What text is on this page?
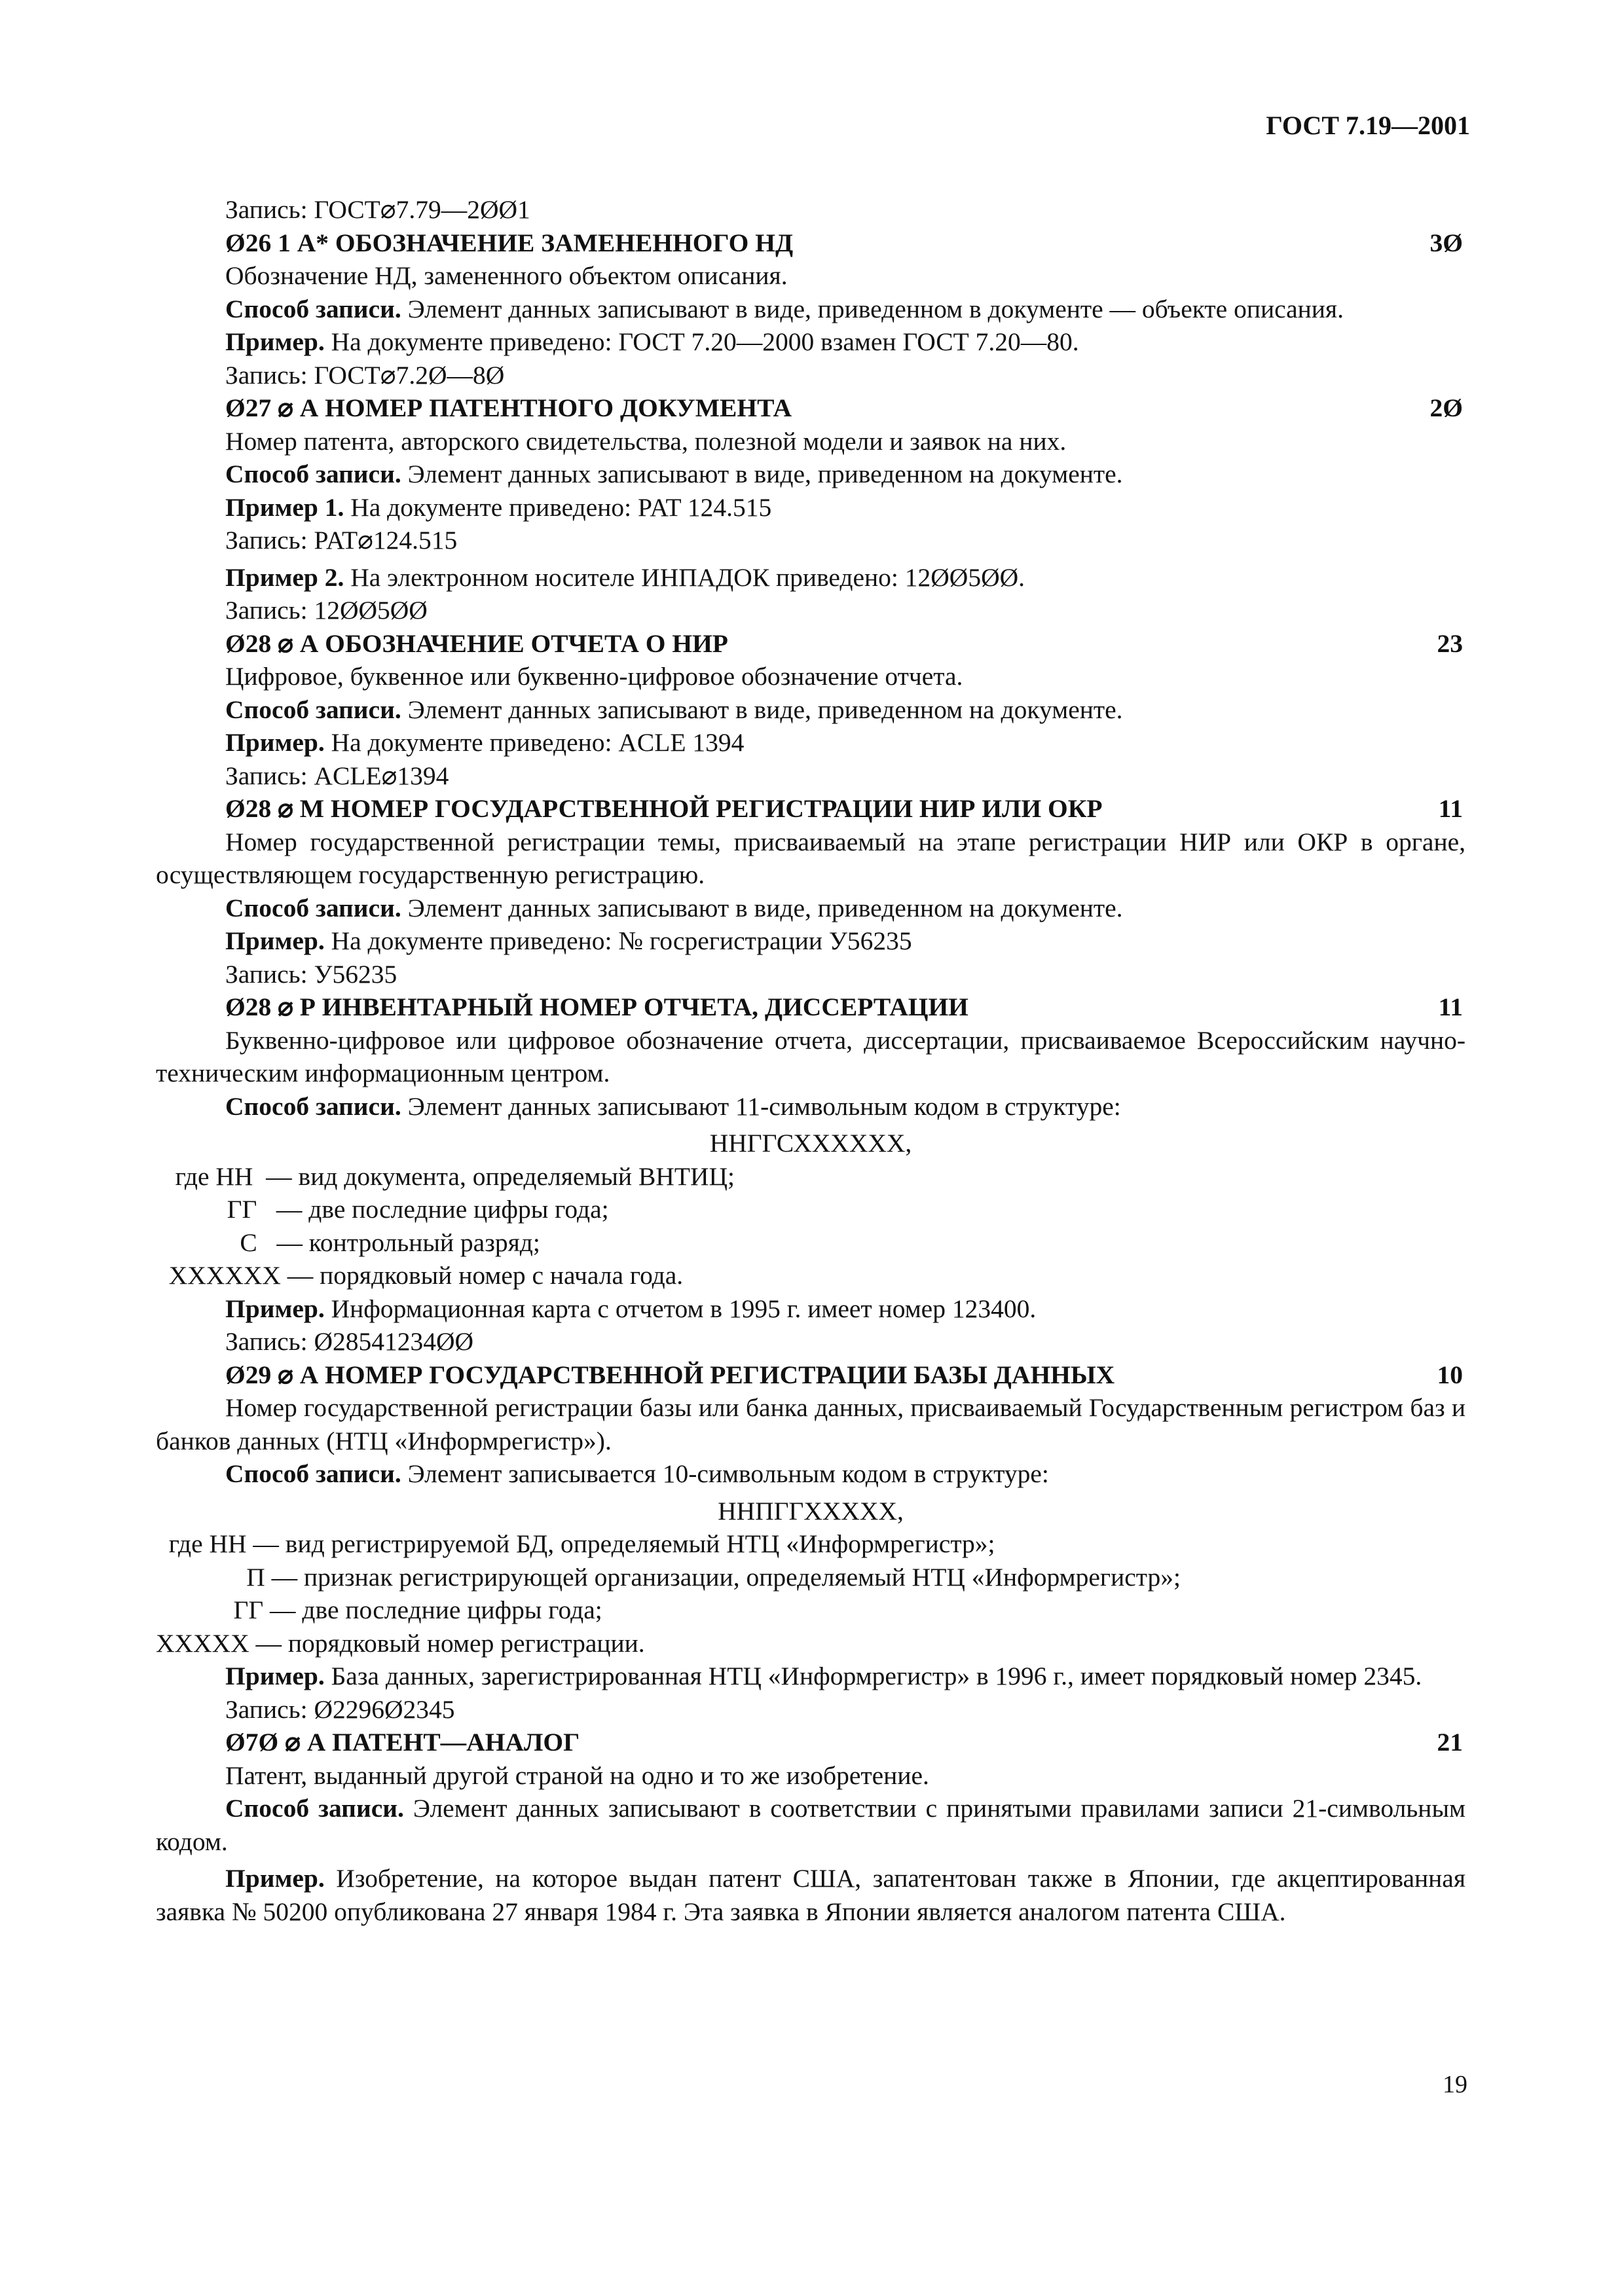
ГОСТ 7.19—2001

Запись: ГОСТ⌀7.79—2ØØ1

Ø26 1 А* ОБОЗНАЧЕНИЕ ЗАМЕНЕННОГО НД	3Ø

Обозначение НД, замененного объектом описания.

Способ записи. Элемент данных записывают в виде, приведенном в документе — объекте описания.

Пример. На документе приведено: ГОСТ 7.20—2000 взамен ГОСТ 7.20—80.

Запись: ГОСТ⌀7.2Ø—8Ø

Ø27 ⌀ А НОМЕР ПАТЕНТНОГО ДОКУМЕНТА	2Ø

Номер патента, авторского свидетельства, полезной модели и заявок на них.

Способ записи. Элемент данных записывают в виде, приведенном на документе.

Пример 1. На документе приведено: PAT 124.515

Запись: PAT⌀124.515

Пример 2. На электронном носителе ИНПАДОК приведено: 12ØØ5ØØ.

Запись: 12ØØ5ØØ

Ø28 ⌀ А ОБОЗНАЧЕНИЕ ОТЧЕТА О НИР	23

Цифровое, буквенное или буквенно-цифровое обозначение отчета.

Способ записи. Элемент данных записывают в виде, приведенном на документе.

Пример. На документе приведено: ACLE 1394

Запись: ACLE⌀1394

Ø28 ⌀ М НОМЕР ГОСУДАРСТВЕННОЙ РЕГИСТРАЦИИ НИР ИЛИ ОКР	11

Номер государственной регистрации темы, присваиваемый на этапе регистрации НИР или ОКР в органе, осуществляющем государственную регистрацию.

Способ записи. Элемент данных записывают в виде, приведенном на документе.

Пример. На документе приведено: № госрегистрации У56235

Запись: У56235

Ø28 ⌀ Р ИНВЕНТАРНЫЙ НОМЕР ОТЧЕТА, ДИССЕРТАЦИИ	11

Буквенно-цифровое или цифровое обозначение отчета, диссертации, присваиваемое Всероссийским научно-техническим информационным центром.

Способ записи. Элемент данных записывают 11-символьным кодом в структуре:

ННГГСХХХХХХ,

где НН  — вид документа, определяемый ВНТИЦ;

ГГ   — две последние цифры года;

С   — контрольный разряд;

ХХХХХХ — порядковый номер с начала года.

Пример. Информационная карта с отчетом в 1995 г. имеет номер 123400.

Запись: Ø28541234ØØ

Ø29 ⌀ А НОМЕР ГОСУДАРСТВЕННОЙ РЕГИСТРАЦИИ БАЗЫ ДАННЫХ	10

Номер государственной регистрации базы или банка данных, присваиваемый Государственным регистром баз и банков данных (НТЦ «Информрегистр»).

Способ записи. Элемент записывается 10-символьным кодом в структуре:

ННПГГХХХХХ,

где НН — вид регистрируемой БД, определяемый НТЦ «Информрегистр»;

П — признак регистрирующей организации, определяемый НТЦ «Информрегистр»;

ГГ — две последние цифры года;

ХХХХХ — порядковый номер регистрации.

Пример. База данных, зарегистрированная НТЦ «Информрегистр» в 1996 г., имеет порядковый номер 2345.

Запись: Ø2296Ø2345

Ø7Ø ⌀ А ПАТЕНТ—АНАЛОГ	21

Патент, выданный другой страной на одно и то же изобретение.

Способ записи. Элемент данных записывают в соответствии с принятыми правилами записи 21-символьным кодом.

Пример. Изобретение, на которое выдан патент США, запатентован также в Японии, где акцептированная заявка № 50200 опубликована 27 января 1984 г. Эта заявка в Японии является аналогом патента США.

19
